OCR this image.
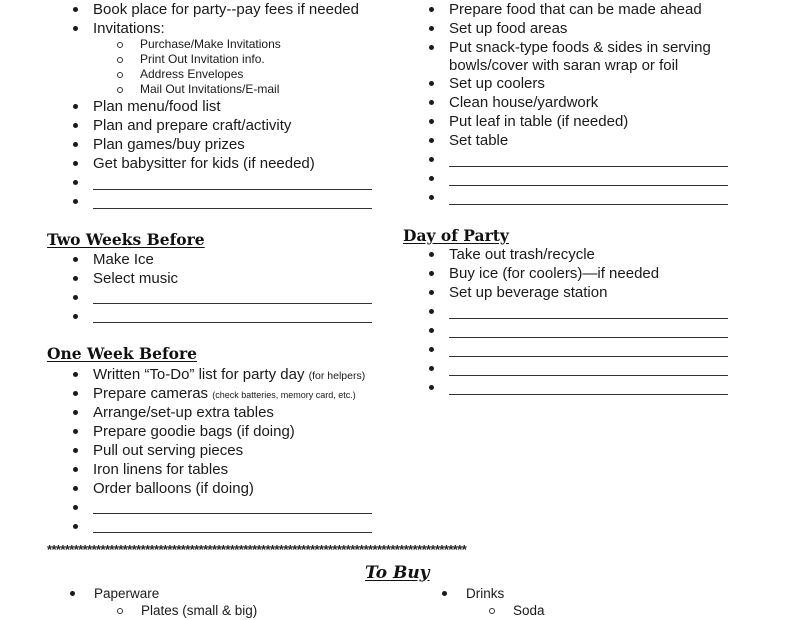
Book place for party--pay fees if needed
Invitations:
Purchase/Make Invitations
Print Out Invitation info.
Address Envelopes
Mail Out Invitations/E-mail
Plan menu/food list
Plan and prepare craft/activity
Plan games/buy prizes
Get babysitter for kids (if needed)
Prepare food that can be made ahead
Set up food areas
Put snack-type foods & sides in serving
bowls/cover with saran wrap or foil
Set up coolers
Clean house/yardwork
Put leaf in table (if needed)
Set table
Two Weeks Before
Make Ice
Select music
Day of Party
Take out trash/recycle
Buy ice (for coolers)—if needed
Set up beverage station
One Week Before
Written “To-Do” list for party day (for helpers)
Prepare cameras (check batteries, memory card, etc.)
Arrange/set-up extra tables
Prepare goodie bags (if doing)
Pull out serving pieces
Iron linens for tables
Order balloons (if doing)
**********************************************************************************************
To Buy
Paperware
Plates (small & big)
Drinks
Soda
